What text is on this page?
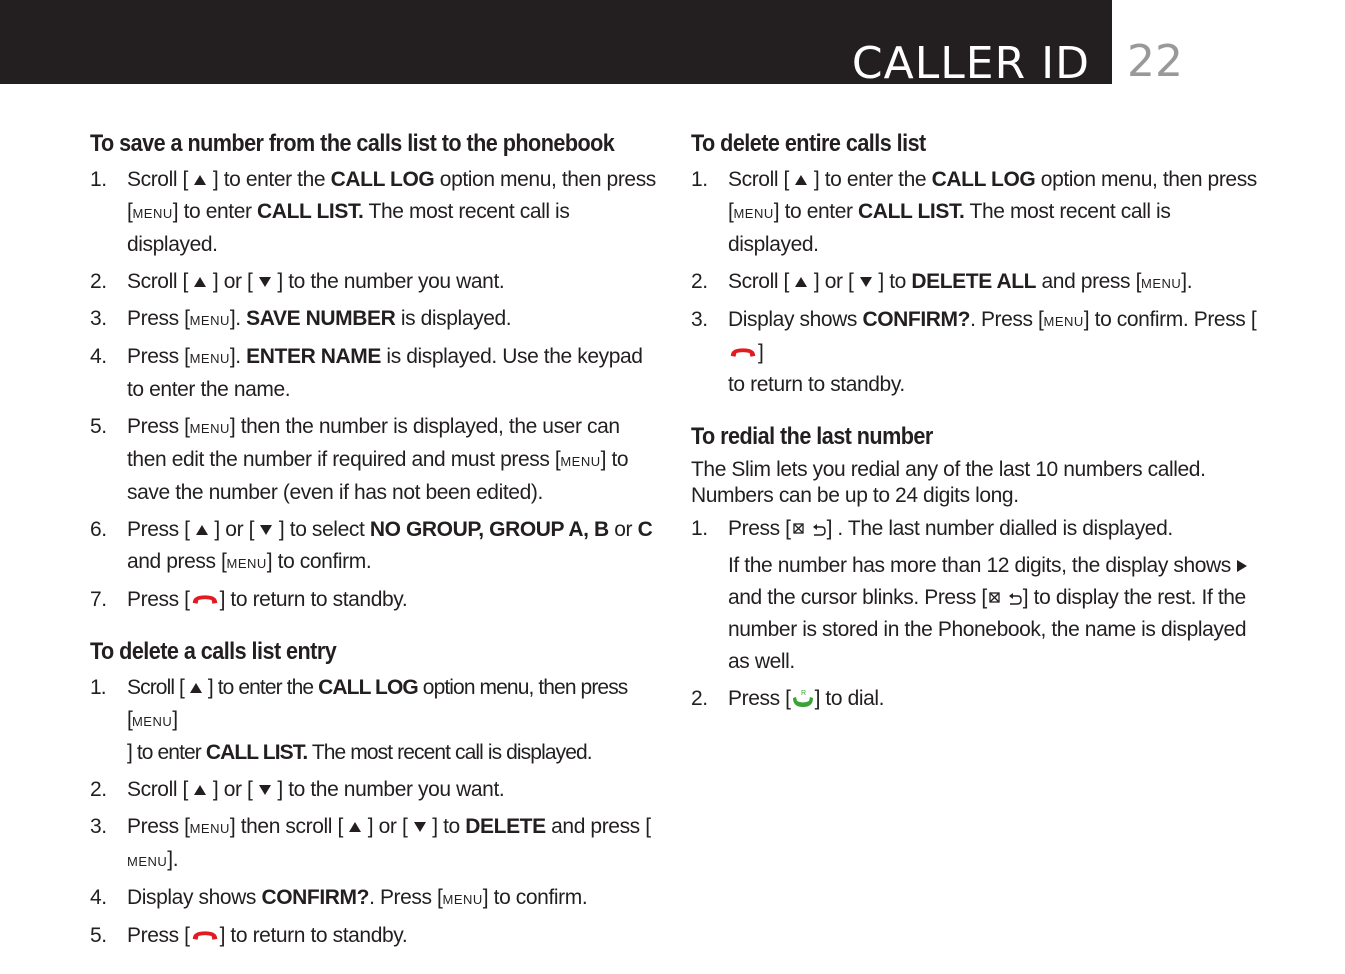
CALLER ID 22
To save a number from the calls list to the phonebook
1. Scroll [  ] to enter the CALL LOG option menu, then press
[menu] to enter CALL LIST. The most recent call is displayed.
2. Scroll [  ] or [  ] to the number you want.
3. Press [menu]. SAVE NUMBER is displayed.
4. Press [menu]. ENTER NAME is displayed. Use the keypad to enter the name.
5. Press [menu] then the number is displayed, the user can then edit the number if required and must press [menu] to save the number (even if has not been edited).
6. Press [  ] or [  ] to select NO GROUP, GROUP A, B or C and press [menu] to confirm.
7. Press [ ] to return to standby.
To delete a calls list entry
1. Scroll [  ] to enter the CALL LOG option menu, then press [menu]
] to enter CALL LIST. The most recent call is displayed.
2. Scroll [  ] or [  ] to the number you want.
3. Press [menu] then scroll [  ] or [  ] to DELETE and press [
menu].
4. Display shows CONFIRM?. Press [menu] to confirm.
5. Press [ ] to return to standby.
To delete entire calls list
1. Scroll [  ] to enter the CALL LOG option menu, then press
[menu] to enter CALL LIST. The most recent call is displayed.
2. Scroll [  ] or [  ] to DELETE ALL and press [menu].
3. Display shows CONFIRM?. Press [menu] to confirm. Press []
to return to standby.
To redial the last number

The Slim lets you redial any of the last 10 numbers called. Numbers can be up to 24 digits long.

1. Press [ ] . The last number dialled is displayed.
If the number has more than 12 digits, the display shows  and the cursor blinks. Press [ ] to display the rest. If the number is stored in the Phonebook, the name is displayed as well.
2. Press [ ] to dial.
